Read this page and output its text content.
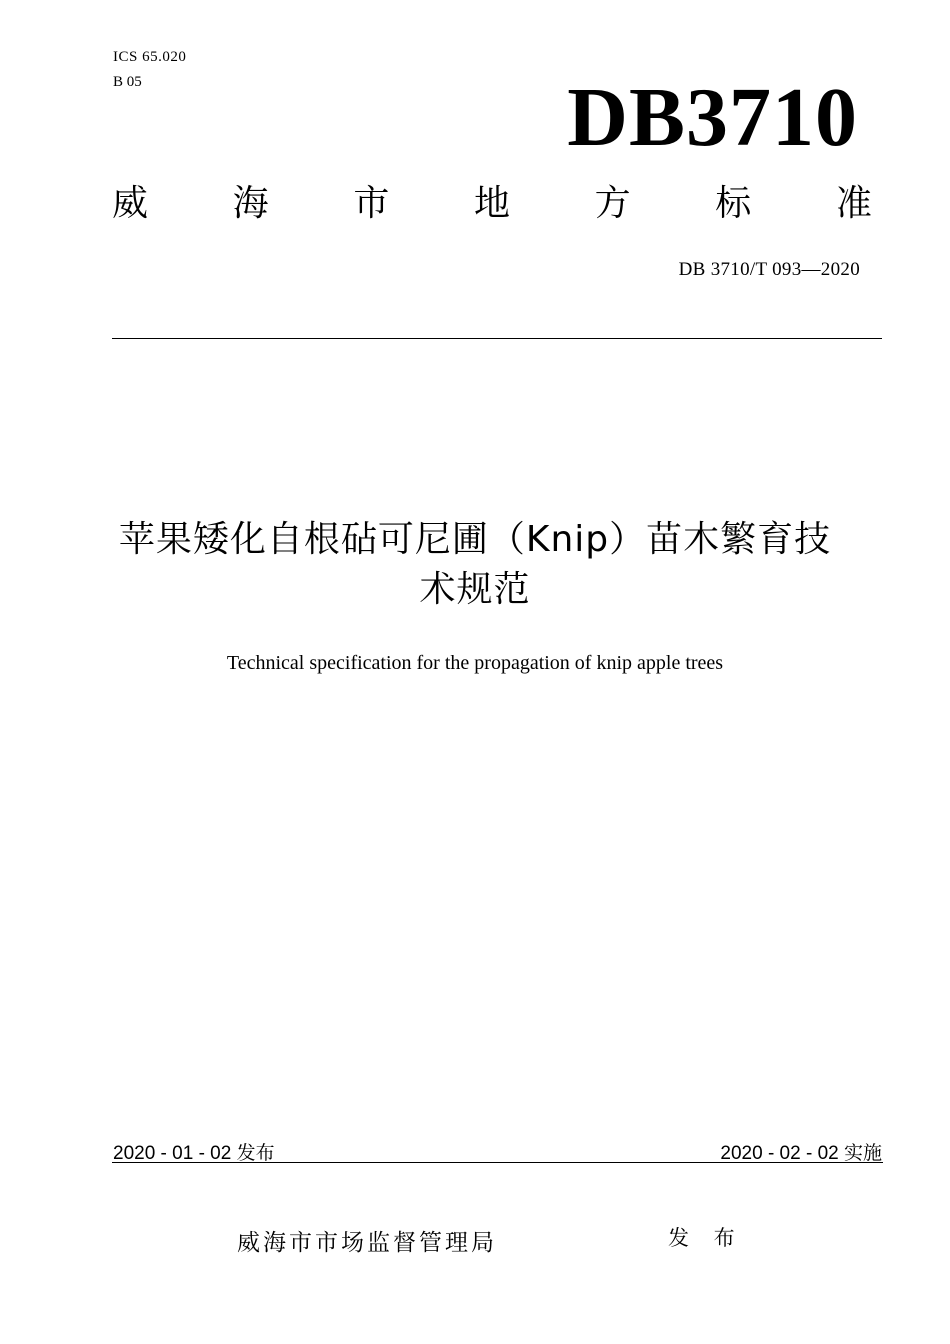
ICS 65.020
B 05	DB3710
威 海 市 地 方 标 准
DB 3710/T 093—2020
苹果矮化自根砧可尼圃（Knip）苗木繁育技
术规范
Technical specification for the propagation of knip apple trees
2020 - 01 - 02 发布	2020 - 02 - 02 实施
威海市市场监督管理局	发 布
